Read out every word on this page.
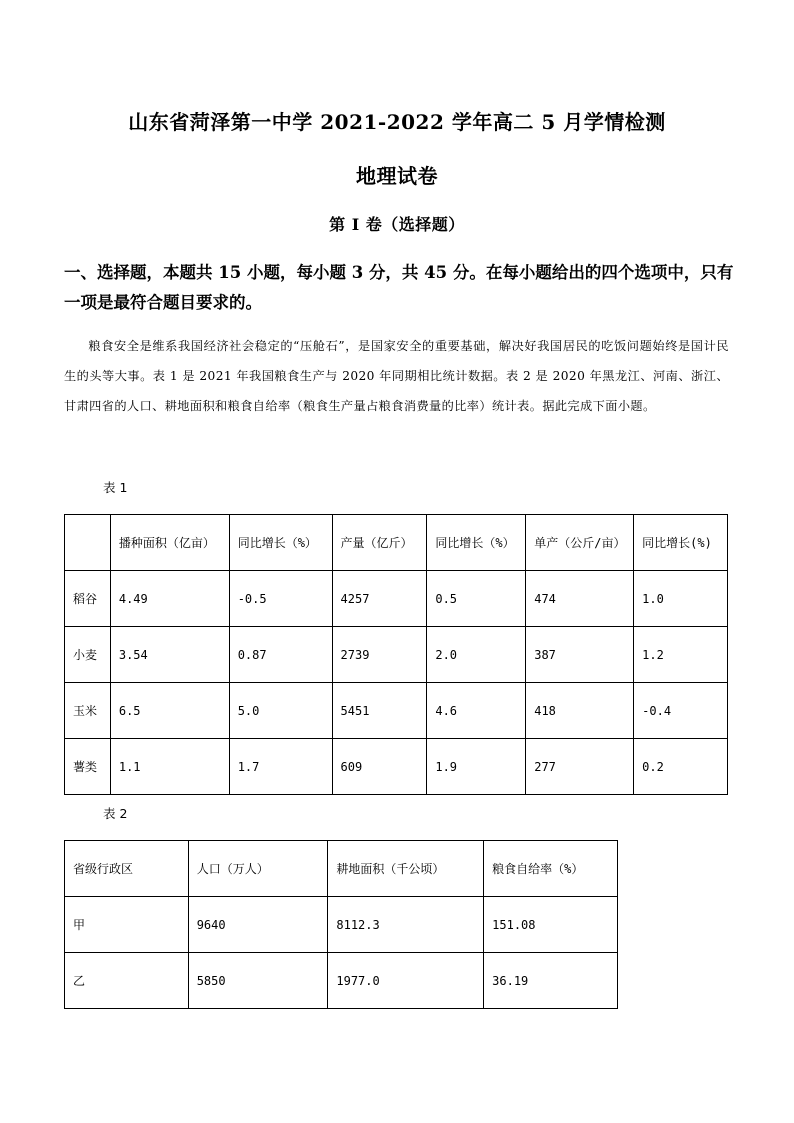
山东省菏泽第一中学 2021-2022 学年高二 5 月学情检测
地理试卷
第 I 卷（选择题）
一、选择题，本题共 15 小题，每小题 3 分，共 45 分。在每小题给出的四个选项中，只有一项是最符合题目要求的。
粮食安全是维系我国经济社会稳定的“压舱石”，是国家安全的重要基础，解决好我国居民的吃饭问题始终是国计民生的头等大事。表 1 是 2021 年我国粮食生产与 2020 年同期相比统计数据。表 2 是 2020 年黑龙江、河南、浙江、甘肃四省的人口、耕地面积和粮食自给率（粮食生产量占粮食消费量的比率）统计表。据此完成下面小题。
表 1
	播种面积（亿亩）	同比增长（%）	产量（亿斤）	同比增长（%）	单产（公斤/亩）	同比增长(%)
稻谷	4.49	-0.5	4257	0.5	474	1.0
小麦	3.54	0.87	2739	2.0	387	1.2
玉米	6.5	5.0	5451	4.6	418	-0.4
薯类	1.1	1.7	609	1.9	277	0.2
表 2
省级行政区	人口（万人）	耕地面积（千公顷）	粮食自给率（%）
甲	9640	8112.3	151.08
乙	5850	1977.0	36.19
